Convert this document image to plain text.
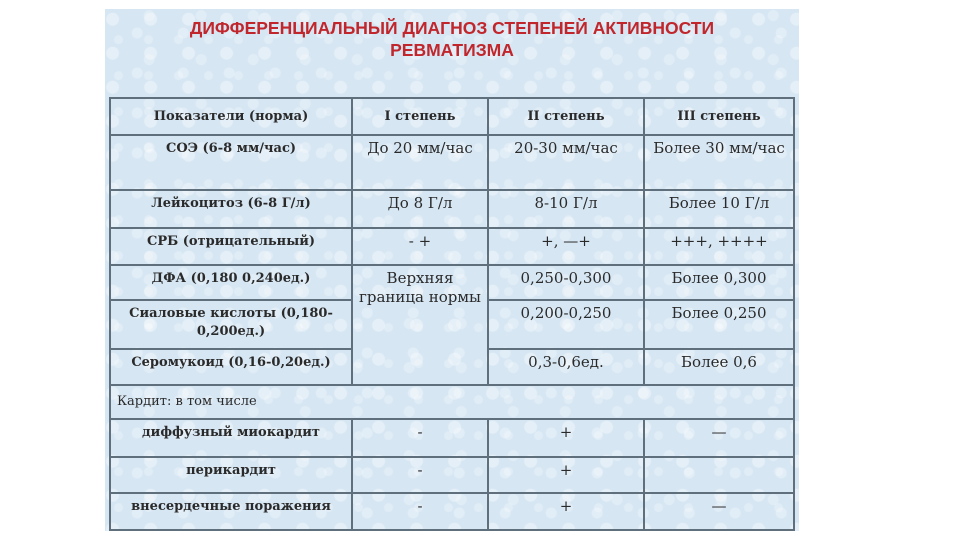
ДИФФЕРЕНЦИАЛЬНЫЙ ДИАГНОЗ СТЕПЕНЕЙ АКТИВНОСТИ
РЕВМАТИЗМА
Показатели (норма)	I степень	II степень	III степень
СОЭ (6-8 мм/час)	До 20 мм/час	20-30 мм/час	Более 30 мм/час
Лейкоцитоз (6-8 Г/л)	До 8 Г/л	8-10 Г/л	Более 10 Г/л
СРБ (отрицательный)	- +	+, —+	+++, ++++
ДФА (0,180 0,240ед.)	Верхняя граница нормы	0,250-0,300	Более 0,300
Сиаловые кислоты (0,180-0,200ед.)		0,200-0,250	Более 0,250
Серомукоид (0,16-0,20ед.)		0,3-0,6ед.	Более 0,6
Кардит: в том числе			
диффузный миокардит	-	+	—
перикардит	-	+	
внесердечные поражения	-	+	—
